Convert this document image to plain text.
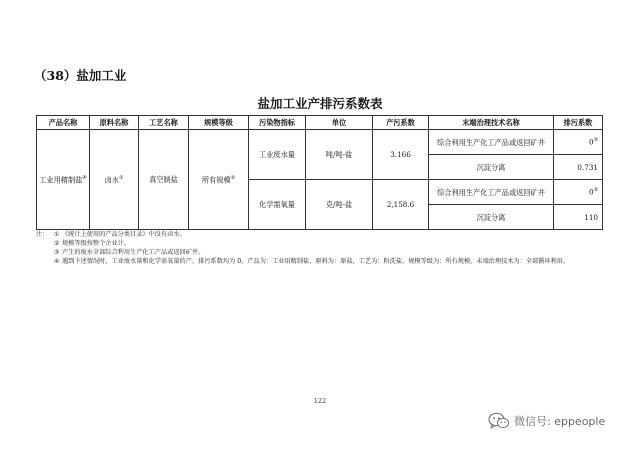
（38）盐加工业
盐加工业产排污系数表
产品名称	原料名称	工艺名称	规模等级	污染物指标	单位	产污系数	末端治理技术名称	排污系数
工业用精制盐④	卤水①	真空制盐	所有规模②	工业废水量	吨/吨-盐	3.166	综合利用生产化工产品或返回矿井	0③
							沉淀分离	0.731
				化学需氧量	克/吨-盐	2,158.6	综合利用生产化工产品或返回矿井	0③
							沉淀分离	110
注： ① 《统计上使用的产品分类目录》中没有卤水。
② 规模等级按整个企业计。
③ 产生的废水全部综合利用生产化工产品或返回矿井。
④ 遇到下述情况时，工业废水量和化学需氧量的产、排污系数均为 0。产品为：工业用精制盐，原料为：原盐，工艺为：粉洗盐，规模等级为：所有规模，末端治理技术为：全部循环利用。
122
微信号: eppeople
